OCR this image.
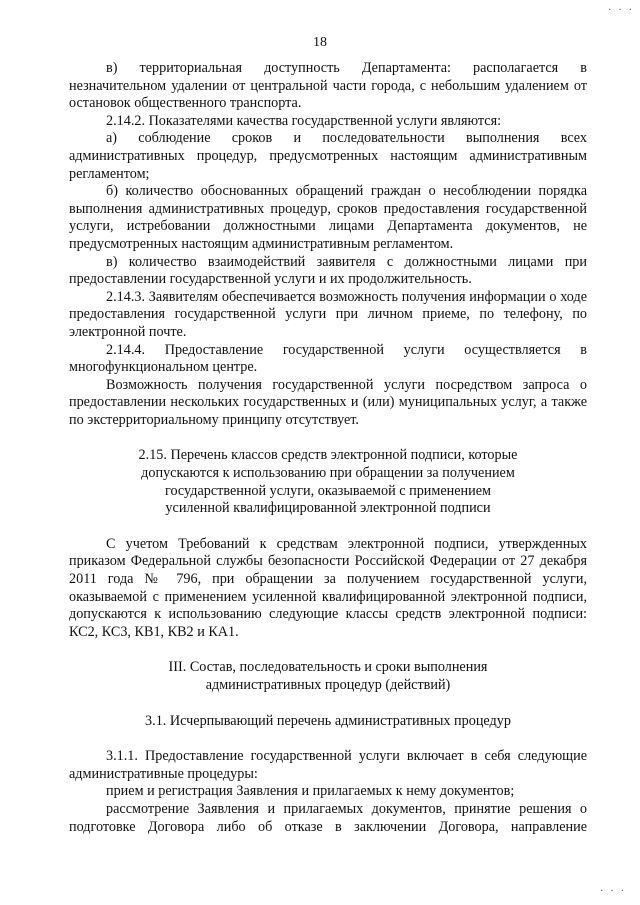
· · ·
18

в) территориальная доступность Департамента: располагается в незначительном удалении от центральной части города, с небольшим удалением от остановок общественного транспорта.

2.14.2. Показателями качества государственной услуги являются:

а) соблюдение сроков и последовательности выполнения всех административных процедур, предусмотренных настоящим административным регламентом;

б) количество обоснованных обращений граждан о несоблюдении порядка выполнения административных процедур, сроков предоставления государственной услуги, истребовании должностными лицами Департамента документов, не предусмотренных настоящим административным регламентом.

в) количество взаимодействий заявителя с должностными лицами при предоставлении государственной услуги и их продолжительность.

2.14.3. Заявителям обеспечивается возможность получения информации о ходе предоставления государственной услуги при личном приеме, по телефону, по электронной почте.

2.14.4. Предоставление государственной услуги осуществляется в многофункциональном центре.

Возможность получения государственной услуги посредством запроса о предоставлении нескольких государственных и (или) муниципальных услуг, а также по экстерриториальному принципу отсутствует.

2.15. Перечень классов средств электронной подписи, которые

допускаются к использованию при обращении за получением

государственной услуги, оказываемой с применением

усиленной квалифицированной электронной подписи

С учетом Требований к средствам электронной подписи, утвержденных приказом Федеральной службы безопасности Российской Федерации от 27 декабря 2011 года № 796, при обращении за получением государственной услуги, оказываемой с применением усиленной квалифицированной электронной подписи, допускаются к использованию следующие классы средств электронной подписи: КС2, КС3, КВ1, КВ2 и КА1.

III. Состав, последовательность и сроки выполнения

административных процедур (действий)

3.1. Исчерпывающий перечень административных процедур

3.1.1. Предоставление государственной услуги включает в себя следующие административные процедуры:

прием и регистрация Заявления и прилагаемых к нему документов;

рассмотрение Заявления и прилагаемых документов, принятие решения о подготовке Договора либо об отказе в заключении Договора, направление

· · ·
